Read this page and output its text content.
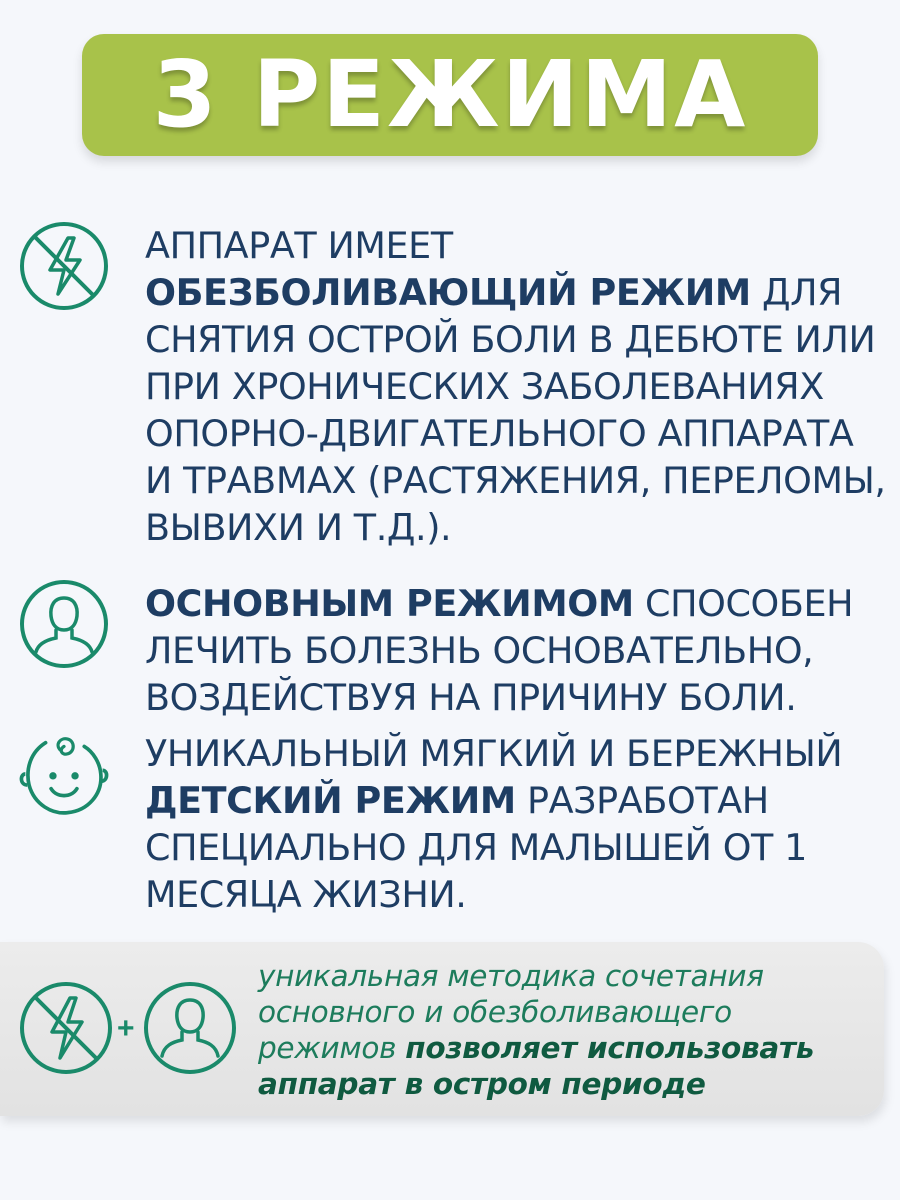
3 РЕЖИМА
АППАРАТ ИМЕЕТ ОБЕЗБОЛИВАЮЩИЙ РЕЖИМ ДЛЯ СНЯТИЯ ОСТРОЙ БОЛИ В ДЕБЮТЕ ИЛИ ПРИ ХРОНИЧЕСКИХ ЗАБОЛЕВАНИЯХ ОПОРНО-ДВИГАТЕЛЬНОГО АППАРАТА И ТРАВМАХ (РАСТЯЖЕНИЯ, ПЕРЕЛОМЫ, ВЫВИХИ И Т.Д.).
ОСНОВНЫМ РЕЖИМОМ СПОСОБЕН ЛЕЧИТЬ БОЛЕЗНЬ ОСНОВАТЕЛЬНО, ВОЗДЕЙСТВУЯ НА ПРИЧИНУ БОЛИ.
УНИКАЛЬНЫЙ МЯГКИЙ И БЕРЕЖНЫЙ ДЕТСКИЙ РЕЖИМ РАЗРАБОТАН СПЕЦИАЛЬНО ДЛЯ МАЛЫШЕЙ ОТ 1 МЕСЯЦА ЖИЗНИ.
+
уникальная методика сочетания основного и обезболивающего режимов позволяет использовать аппарат в остром периоде
